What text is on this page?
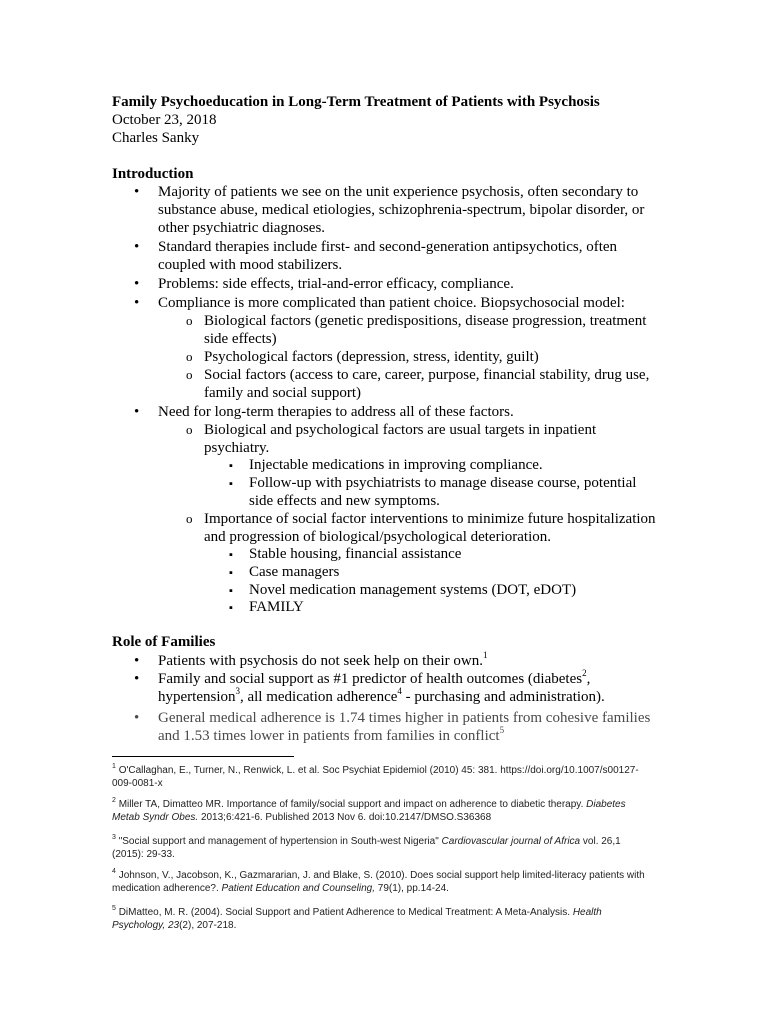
Family Psychoeducation in Long-Term Treatment of Patients with Psychosis
October 23, 2018
Charles Sanky
Introduction
• Majority of patients we see on the unit experience psychosis, often secondary to substance abuse, medical etiologies, schizophrenia-spectrum, bipolar disorder, or other psychiatric diagnoses.
• Standard therapies include first- and second-generation antipsychotics, often coupled with mood stabilizers.
• Problems: side effects, trial-and-error efficacy, compliance.
• Compliance is more complicated than patient choice. Biopsychosocial model:
o Biological factors (genetic predispositions, disease progression, treatment side effects)
o Psychological factors (depression, stress, identity, guilt)
o Social factors (access to care, career, purpose, financial stability, drug use, family and social support)
• Need for long-term therapies to address all of these factors.
o Biological and psychological factors are usual targets in inpatient psychiatry.
▪ Injectable medications in improving compliance.
▪ Follow-up with psychiatrists to manage disease course, potential side effects and new symptoms.
o Importance of social factor interventions to minimize future hospitalization and progression of biological/psychological deterioration.
▪ Stable housing, financial assistance
▪ Case managers
▪ Novel medication management systems (DOT, eDOT)
▪ FAMILY
Role of Families
• Patients with psychosis do not seek help on their own.$^1$
• Family and social support as #1 predictor of health outcomes (diabetes$^2$,
hypertension$^3$, all medication adherence$^4$ - purchasing and administration).
• General medical adherence is 1.74 times higher in patients from cohesive families and 1.53 times lower in patients from families in conflict$^5$
$^1$ O'Callaghan, E., Turner, N., Renwick, L. et al. Soc Psychiat Epidemiol (2010) 45: 381. https://doi.org/10.1007/s00127-009-0081-x
$^2$ Miller TA, Dimatteo MR. Importance of family/social support and impact on adherence to diabetic therapy. Diabetes Metab Syndr Obes. 2013;6:421-6. Published 2013 Nov 6. doi:10.2147/DMSO.S36368
$^3$ "Social support and management of hypertension in South-west Nigeria" Cardiovascular journal of Africa vol. 26,1 (2015): 29-33.
$^4$ Johnson, V., Jacobson, K., Gazmararian, J. and Blake, S. (2010). Does social support help limited-literacy patients with medication adherence?. Patient Education and Counseling, 79(1), pp.14-24.
$^5$ DiMatteo, M. R. (2004). Social Support and Patient Adherence to Medical Treatment: A Meta-Analysis. Health Psychology, 23(2), 207-218.
